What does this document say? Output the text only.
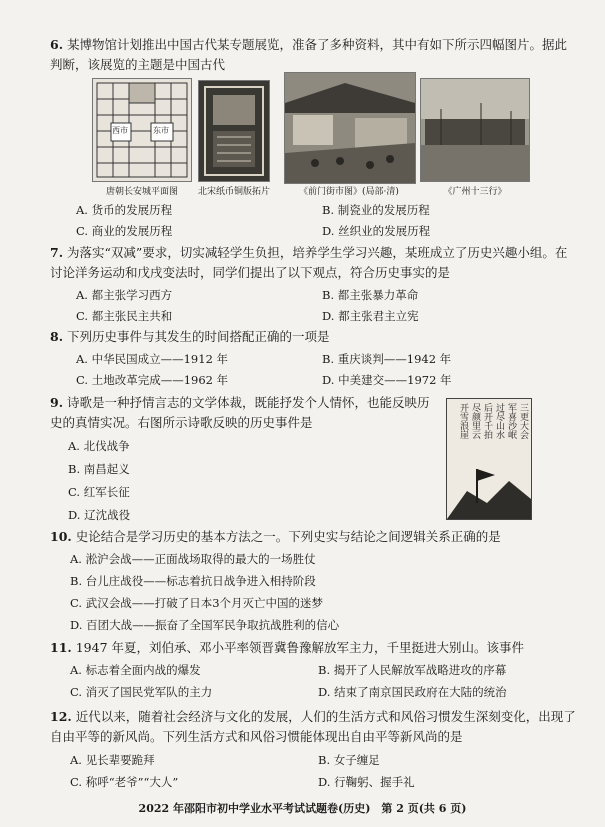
6. 某博物馆计划推出中国古代某专题展览，准备了多种资料，其中有如下所示四幅图片。据此判断，该展览的主题是中国古代
西市	东市
唐朝长安城平面图	北宋纸币铜版拓片	《前门街市图》(局部·清)	《广州十三行》
A. 货币的发展历程	B. 制瓷业的发展历程
C. 商业的发展历程	D. 丝织业的发展历程
7. 为落实“双减”要求，切实减轻学生负担，培养学生学习兴趣，某班成立了历史兴趣小组。在讨论洋务运动和戊戌变法时，同学们提出了以下观点，符合历史事实的是
A. 都主张学习西方	B. 都主张暴力革命
C. 都主张民主共和	D. 都主张君主立宪
8. 下列历史事件与其发生的时间搭配正确的一项是
A. 中华民国成立——1912 年	B. 重庆谈判——1942 年
C. 土地改革完成——1962 年	D. 中美建交——1972 年
9. 诗歌是一种抒情言志的文学体裁，既能抒发个人情怀，也能反映历史的真情实况。右图所示诗歌反映的历史事件是
A. 北伐战争
B. 南昌起义
C. 红军长征
D. 辽沈战役
三更大会
军喜沙岷
过尽山水
后开千拍
尽颜里云
开雪浪崖
10. 史论结合是学习历史的基本方法之一。下列史实与结论之间逻辑关系正确的是
A. 淞沪会战——正面战场取得的最大的一场胜仗
B. 台儿庄战役——标志着抗日战争进入相持阶段
C. 武汉会战——打破了日本3个月灭亡中国的迷梦
D. 百团大战——振奋了全国军民争取抗战胜利的信心
11. 1947 年夏，刘伯承、邓小平率领晋冀鲁豫解放军主力，千里挺进大别山。该事件
A. 标志着全面内战的爆发	B. 揭开了人民解放军战略进攻的序幕
C. 消灭了国民党军队的主力	D. 结束了南京国民政府在大陆的统治
12. 近代以来，随着社会经济与文化的发展，人们的生活方式和风俗习惯发生深刻变化，出现了自由平等的新风尚。下列生活方式和风俗习惯能体现出自由平等新风尚的是
A. 见长辈要跪拜	B. 女子缠足
C. 称呼“老爷”“大人”	D. 行鞠躬、握手礼
2022 年邵阳市初中学业水平考试试题卷(历史)　第 2 页(共 6 页)
